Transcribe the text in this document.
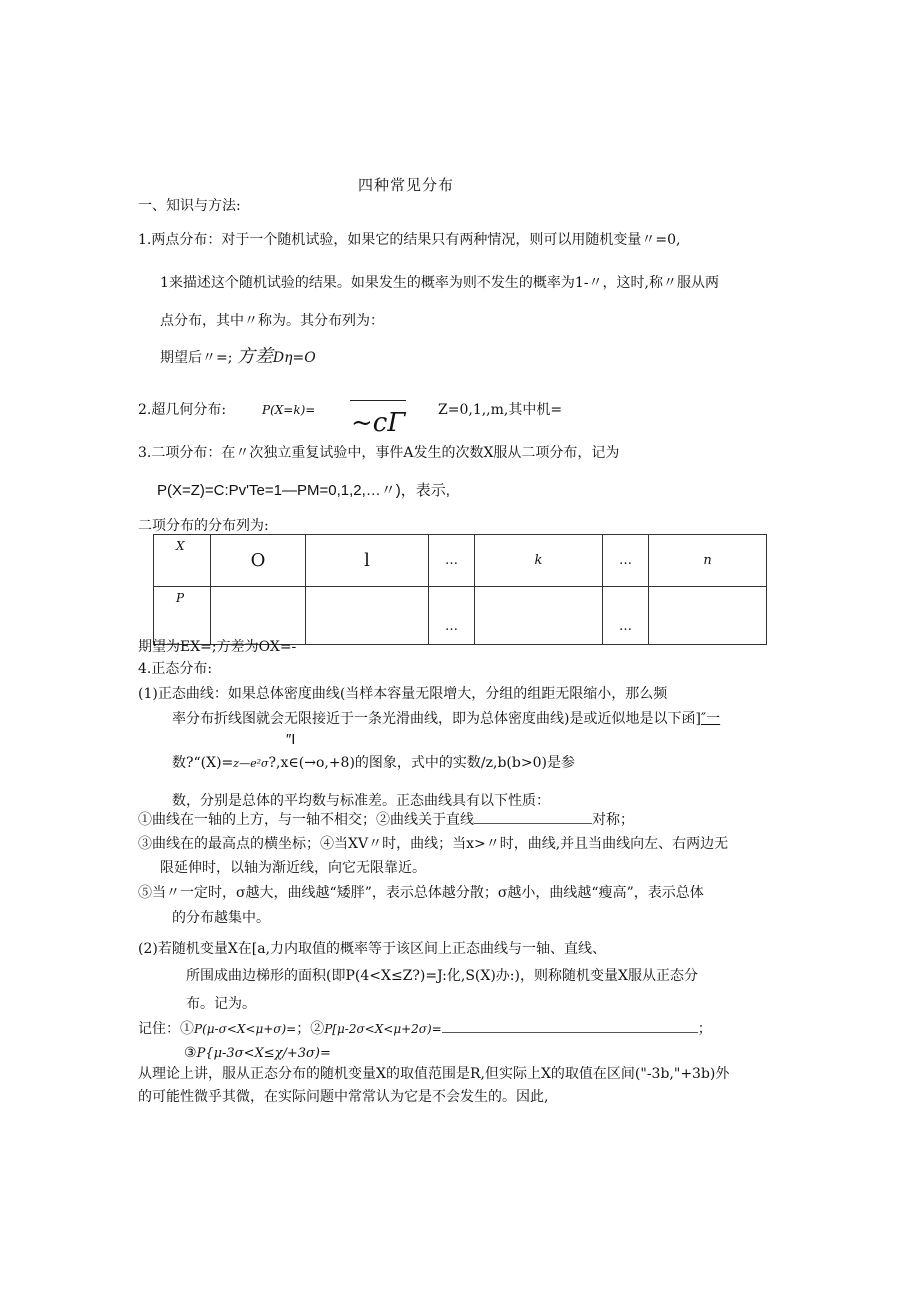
四种常见分布
一、知识与方法:
1.两点分布：对于一个随机试验，如果它的结果只有两种情况，则可以用随机变量〃=0,
1来描述这个随机试验的结果。如果发生的概率为则不发生的概率为1-〃，这时,称〃服从两
点分布，其中〃称为。其分布列为：
期望后〃=; 方差Dη=O
2.超几何分布:	P(X=k)= ~cΓ Z=0,1,,m,其中机=
3.二项分布：在〃次独立重复试验中，事件A发生的次数X服从二项分布，记为
P(X=Z)=C:Pv'Te=1—PM=0,1,2,…〃)，表示,
二项分布的分布列为:
X	O	l	…	k	…	n
P			…		…	
期望为EX=;方差为OX=-
4.正态分布:
(1)正态曲线：如果总体密度曲线(当样本容量无限增大，分组的组距无限缩小，那么频
率分布折线图就会无限接近于一条光滑曲线，即为总体密度曲线)是或近似地是以下函]″一
″I
数?“(X)=z—e²σ?,x∈(→o,+8)的图象，式中的实数∕z,b(b>0)是参
数，分别是总体的平均数与标准差。正态曲线具有以下性质：
①曲线在一轴的上方，与一轴不相交；②曲线关于直线	对称；
③曲线在的最高点的横坐标；④当XV〃时，曲线；当x>〃时，曲线,并且当曲线向左、右两边无
限延伸时，以轴为渐近线，向它无限靠近。
⑤当〃一定时，σ越大，曲线越“矮胖”，表示总体越分散；σ越小，曲线越“瘦高”，表示总体
的分布越集中。
(2)若随机变量X在[a,力内取值的概率等于该区间上正态曲线与一轴、直线、
所围成曲边梯形的面积(即P(4<X≤Z?)=J:化,S(X)办:)，则称随机变量X服从正态分
布。记为。
记住：①P(μ-σ<X<μ+σ)=；②P[μ-2σ<X<μ+2σ)=	；
③P{μ-3σ<X≤χ∕+3σ)=
从理论上讲，服从正态分布的随机变量X的取值范围是R,但实际上X的取值在区间("-3b,"+3b)外
的可能性微乎其微，在实际问题中常常认为它是不会发生的。因此,
